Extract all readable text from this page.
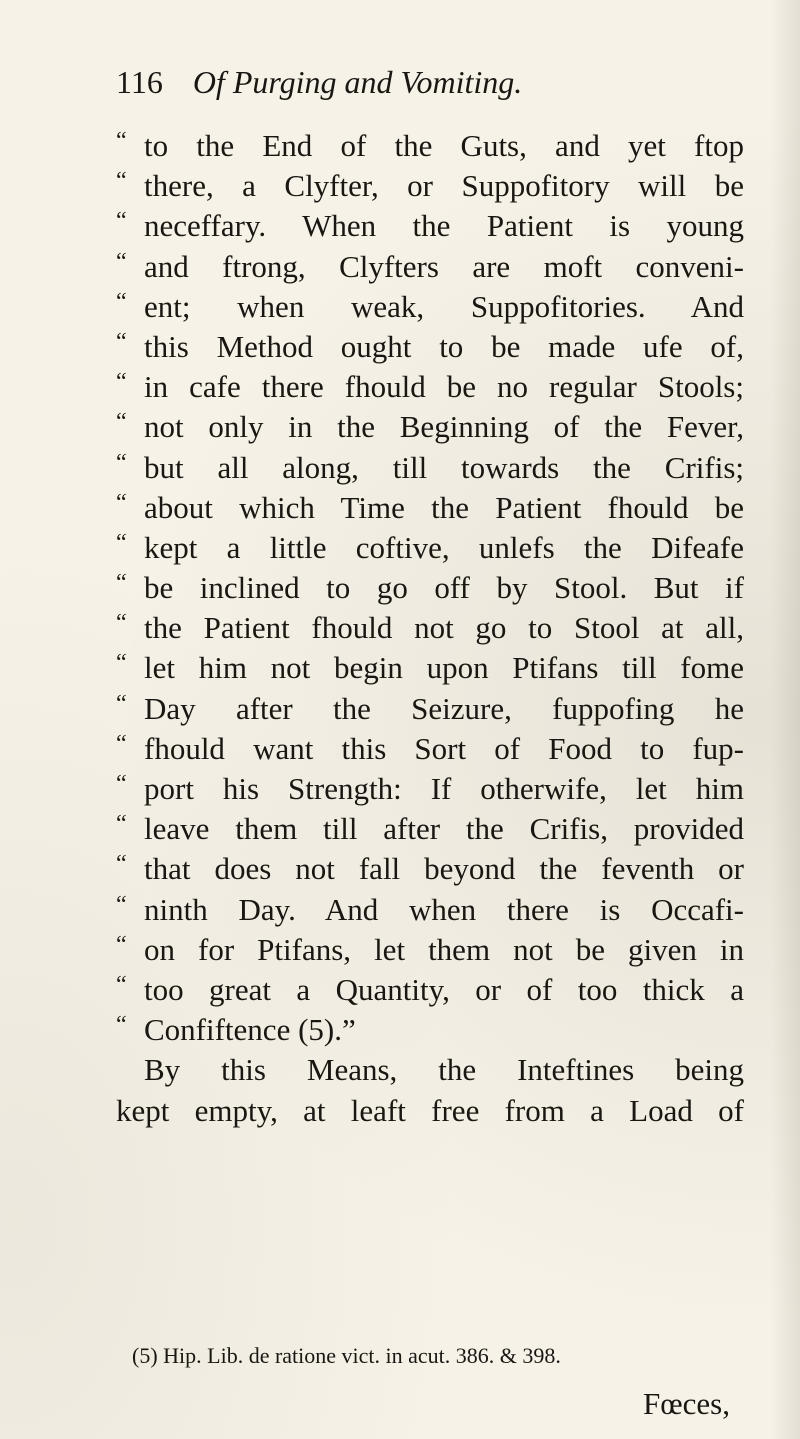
116 Of Purging and Vomiting.
“ to the End of the Guts, and yet ftop
“ there, a Clyfter, or Suppofitory will be
“ neceffary. When the Patient is young
“ and ftrong, Clyfters are moft conveni-
“ ent; when weak, Suppofitories. And
“ this Method ought to be made ufe of,
“ in cafe there fhould be no regular Stools;
“ not only in the Beginning of the Fever,
“ but all along, till towards the Crifis;
“ about which Time the Patient fhould be
“ kept a little coftive, unlefs the Difeafe
“ be inclined to go off by Stool. But if
“ the Patient fhould not go to Stool at all,
“ let him not begin upon Ptifans till fome
“ Day after the Seizure, fuppofing he
“ fhould want this Sort of Food to fup-
“ port his Strength: If otherwife, let him
“ leave them till after the Crifis, provided
“ that does not fall beyond the feventh or
“ ninth Day. And when there is Occafi-
“ on for Ptifans, let them not be given in
“ too great a Quantity, or of too thick a
“ Confiftence (5).”
By this Means, the Inteftines being
kept empty, at leaft free from a Load of
(5) Hip. Lib. de ratione vict. in acut. 386. & 398.
Fœces,
